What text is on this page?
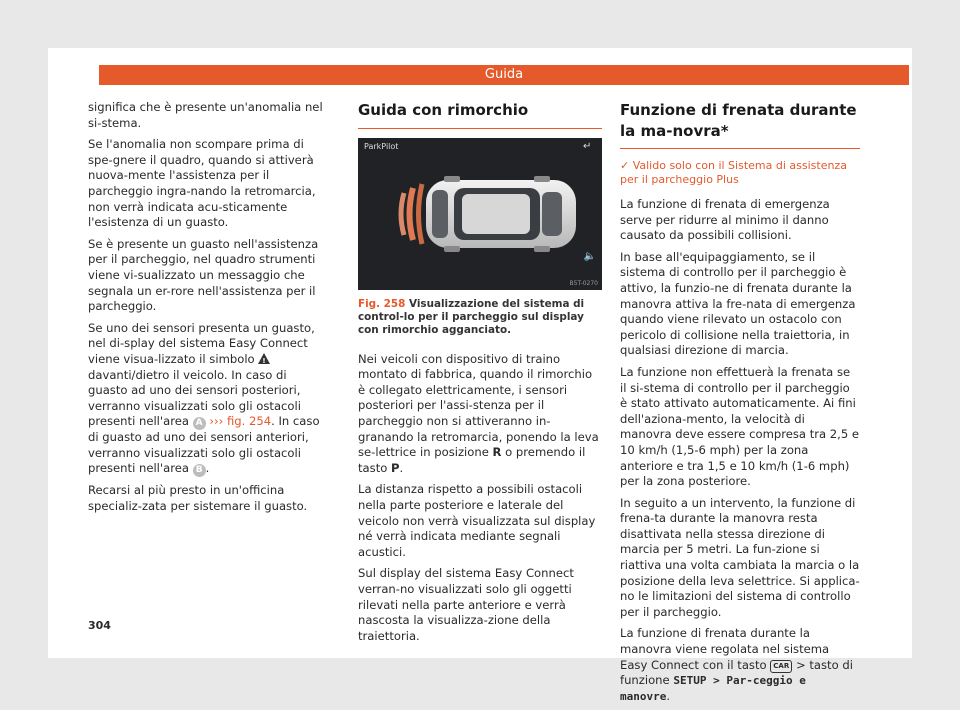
Guida

significa che è presente un'anomalia nel si-stema.

Se l'anomalia non scompare prima di spe-gnere il quadro, quando si attiverà nuova-mente l'assistenza per il parcheggio ingra-nando la retromarcia, non verrà indicata acu-sticamente l'esistenza di un guasto.

Se è presente un guasto nell'assistenza per il parcheggio, nel quadro strumenti viene vi-sualizzato un messaggio che segnala un er-rore nell'assistenza per il parcheggio.

Se uno dei sensori presenta un guasto, nel di-splay del sistema Easy Connect viene visua-lizzato il simbolo ! davanti/dietro il veicolo. In caso di guasto ad uno dei sensori posteriori, verranno visualizzati solo gli ostacoli presenti nell'area A ››› fig. 254. In caso di guasto ad uno dei sensori anteriori, verranno visualizzati solo gli ostacoli presenti nell'area B .

Recarsi al più presto in un'officina specializ-zata per sistemare il guasto.

Guida con rimorchio
ParkPilot	↵
🔈
B5T-0270
Fig. 258 Visualizzazione del sistema di control-lo per il parcheggio sul display con rimorchio agganciato.

Nei veicoli con dispositivo di traino montato di fabbrica, quando il rimorchio è collegato elettricamente, i sensori posteriori per l'assi-stenza per il parcheggio non si attiveranno in-granando la retromarcia, ponendo la leva se-lettrice in posizione R o premendo il tasto P.

La distanza rispetto a possibili ostacoli nella parte posteriore e laterale del veicolo non verrà visualizzata sul display né verrà indicata mediante segnali acustici.

Sul display del sistema Easy Connect verran-no visualizzati solo gli oggetti rilevati nella parte anteriore e verrà nascosta la visualizza-zione della traiettoria.

Funzione di frenata durante la ma-novra*
✓ Valido solo con il Sistema di assistenza per il parcheggio Plus

La funzione di frenata di emergenza serve per ridurre al minimo il danno causato da possibili collisioni.

In base all'equipaggiamento, se il sistema di controllo per il parcheggio è attivo, la funzio-ne di frenata durante la manovra attiva la fre-nata di emergenza quando viene rilevato un ostacolo con pericolo di collisione nella traiettoria, in qualsiasi direzione di marcia.

La funzione non effettuerà la frenata se il si-stema di controllo per il parcheggio è stato attivato automaticamente. Ai fini dell'aziona-mento, la velocità di manovra deve essere compresa tra 2,5 e 10 km/h (1,5-6 mph) per la zona anteriore e tra 1,5 e 10 km/h (1-6 mph) per la zona posteriore.

In seguito a un intervento, la funzione di frena-ta durante la manovra resta disattivata nella stessa direzione di marcia per 5 metri. La fun-zione si riattiva una volta cambiata la marcia o la posizione della leva selettrice. Si applica-no le limitazioni del sistema di controllo per il parcheggio.

La funzione di frenata durante la manovra viene regolata nel sistema Easy Connect con il tasto CAR > tasto di funzione SETUP > Par-ceggio e manovre.

304
